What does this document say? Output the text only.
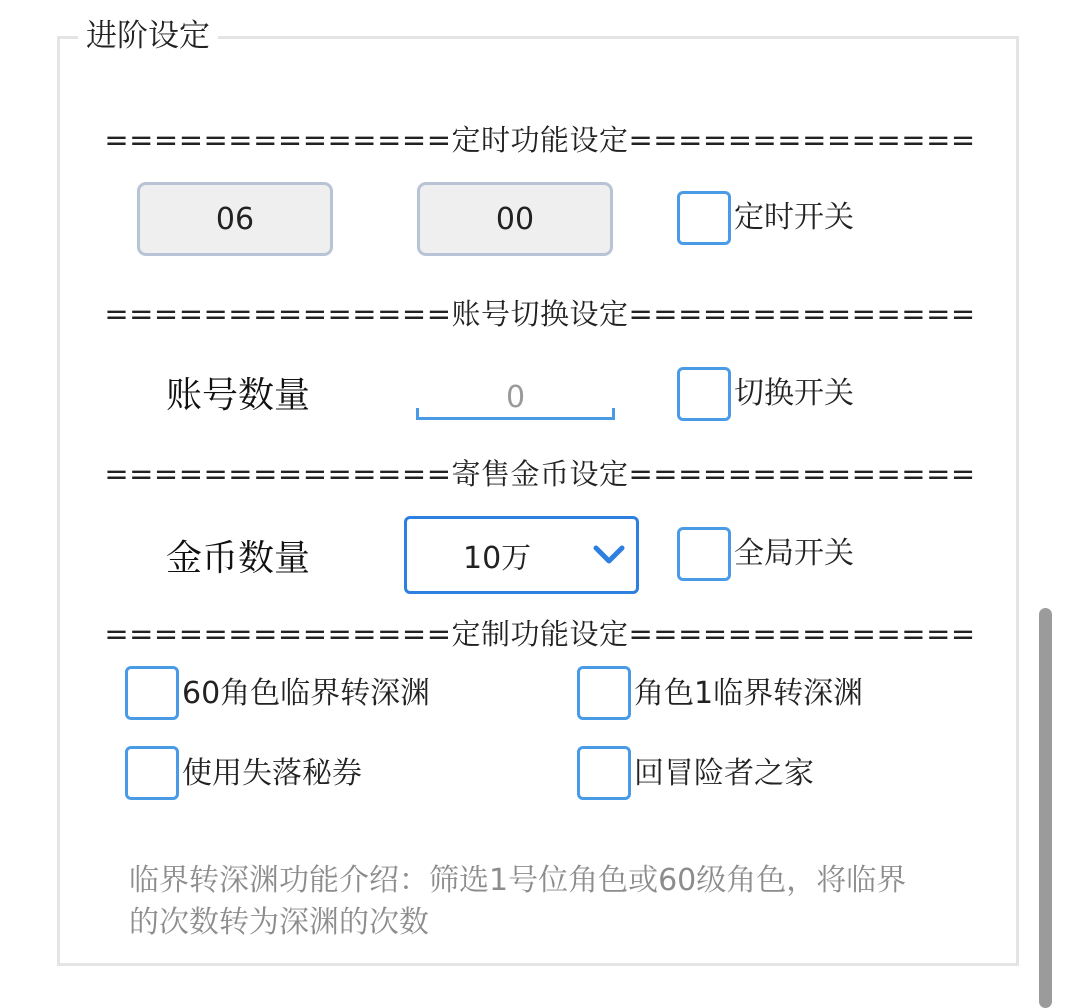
进阶设定
==============定时功能设定==============
06	00	定时开关
==============账号切换设定==============
账号数量	0	切换开关
==============寄售金币设定==============
金币数量	10万	全局开关
==============定制功能设定==============
60角色临界转深渊	角色1临界转深渊
使用失落秘券	回冒险者之家
临界转深渊功能介绍：筛选1号位角色或60级角色，将临界的次数转为深渊的次数
